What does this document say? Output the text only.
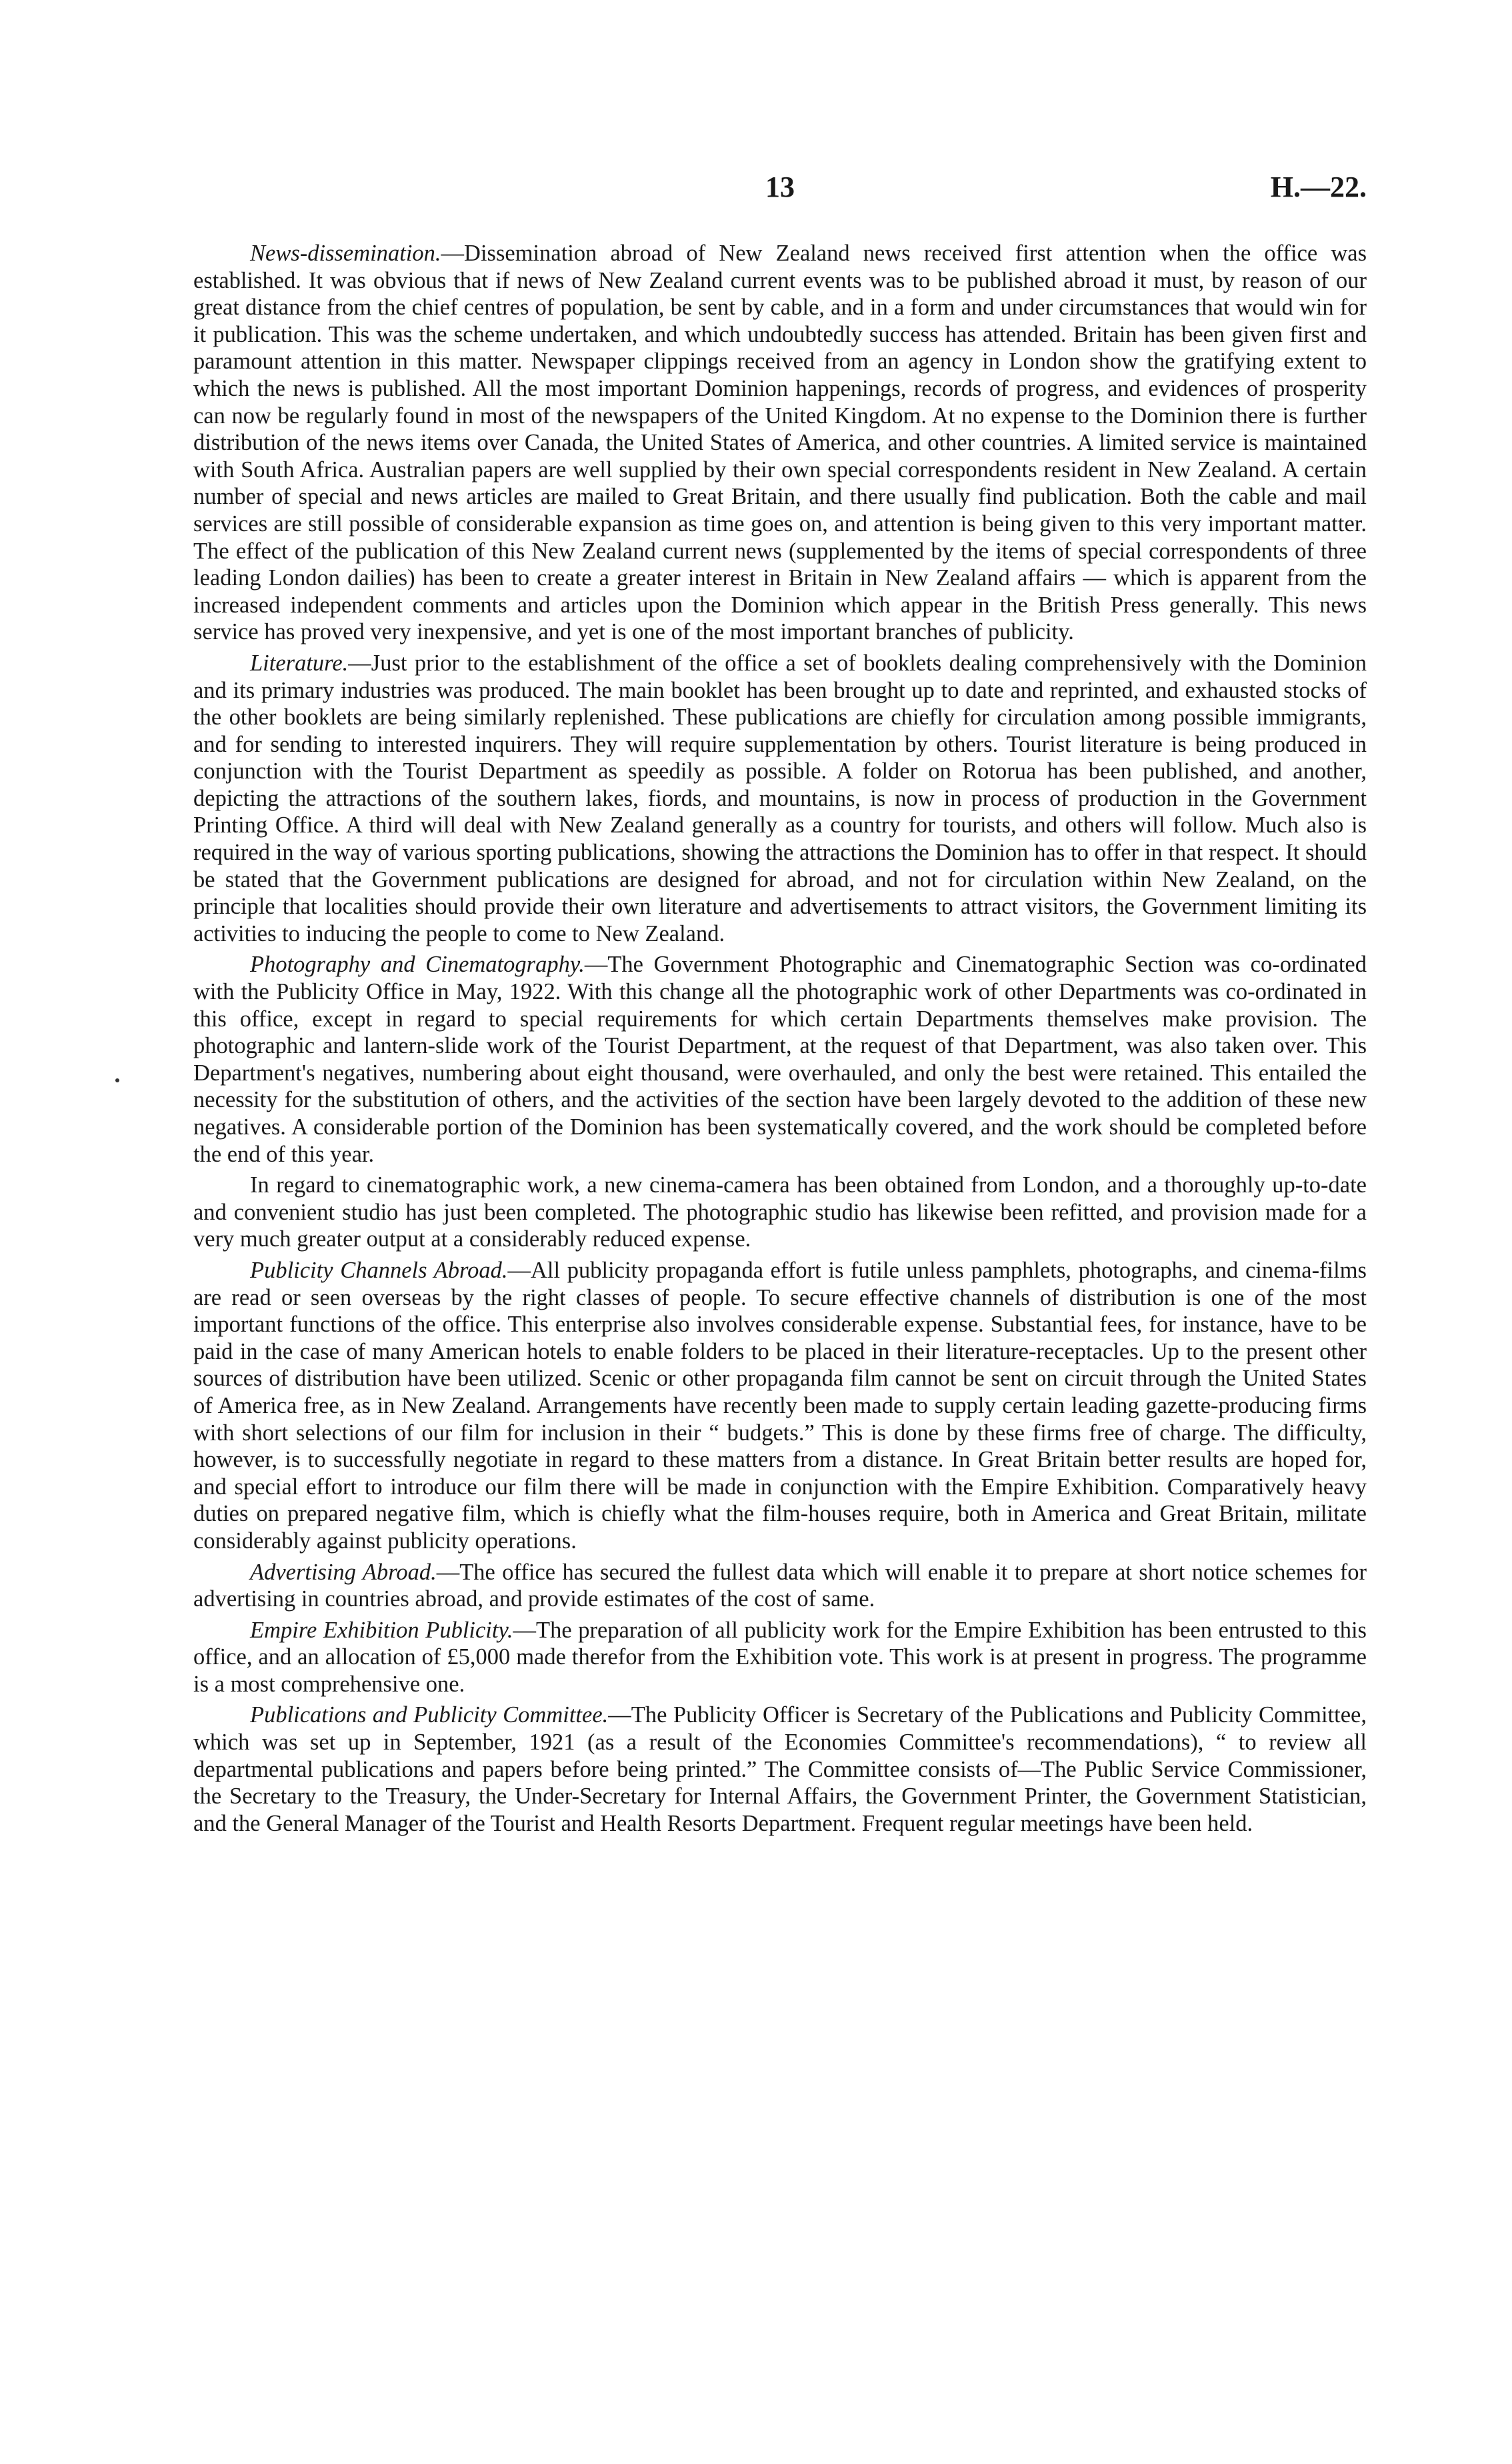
13	H.—22.

News-dissemination.—Dissemination abroad of New Zealand news received first attention when the office was established. It was obvious that if news of New Zealand current events was to be published abroad it must, by reason of our great distance from the chief centres of population, be sent by cable, and in a form and under circumstances that would win for it publication. This was the scheme undertaken, and which undoubtedly success has attended. Britain has been given first and paramount attention in this matter. Newspaper clippings received from an agency in London show the gratifying extent to which the news is published. All the most important Dominion happenings, records of progress, and evidences of prosperity can now be regularly found in most of the newspapers of the United Kingdom. At no expense to the Dominion there is further distribution of the news items over Canada, the United States of America, and other countries. A limited service is maintained with South Africa. Australian papers are well supplied by their own special correspondents resident in New Zealand. A certain number of special and news articles are mailed to Great Britain, and there usually find publication. Both the cable and mail services are still possible of considerable expansion as time goes on, and attention is being given to this very important matter. The effect of the publication of this New Zealand current news (supplemented by the items of special correspondents of three leading London dailies) has been to create a greater interest in Britain in New Zealand affairs — which is apparent from the increased independent comments and articles upon the Dominion which appear in the British Press generally. This news service has proved very inexpensive, and yet is one of the most important branches of publicity.

Literature.—Just prior to the establishment of the office a set of booklets dealing comprehensively with the Dominion and its primary industries was produced. The main booklet has been brought up to date and reprinted, and exhausted stocks of the other booklets are being similarly replenished. These publications are chiefly for circulation among possible immigrants, and for sending to interested inquirers. They will require supplementation by others. Tourist literature is being produced in conjunction with the Tourist Department as speedily as possible. A folder on Rotorua has been published, and another, depicting the attractions of the southern lakes, fiords, and mountains, is now in process of production in the Government Printing Office. A third will deal with New Zealand generally as a country for tourists, and others will follow. Much also is required in the way of various sporting publications, showing the attractions the Dominion has to offer in that respect. It should be stated that the Government publications are designed for abroad, and not for circulation within New Zealand, on the principle that localities should provide their own literature and advertisements to attract visitors, the Government limiting its activities to inducing the people to come to New Zealand.

Photography and Cinematography.—The Government Photographic and Cinematographic Section was co-ordinated with the Publicity Office in May, 1922. With this change all the photographic work of other Departments was co-ordinated in this office, except in regard to special requirements for which certain Departments themselves make provision. The photographic and lantern-slide work of the Tourist Department, at the request of that Department, was also taken over. This Department's negatives, numbering about eight thousand, were overhauled, and only the best were retained. This entailed the necessity for the substitution of others, and the activities of the section have been largely devoted to the addition of these new negatives. A considerable portion of the Dominion has been systematically covered, and the work should be completed before the end of this year.

In regard to cinematographic work, a new cinema-camera has been obtained from London, and a thoroughly up-to-date and convenient studio has just been completed. The photographic studio has likewise been refitted, and provision made for a very much greater output at a considerably reduced expense.

Publicity Channels Abroad.—All publicity propaganda effort is futile unless pamphlets, photographs, and cinema-films are read or seen overseas by the right classes of people. To secure effective channels of distribution is one of the most important functions of the office. This enterprise also involves considerable expense. Substantial fees, for instance, have to be paid in the case of many American hotels to enable folders to be placed in their literature-receptacles. Up to the present other sources of distribution have been utilized. Scenic or other propaganda film cannot be sent on circuit through the United States of America free, as in New Zealand. Arrangements have recently been made to supply certain leading gazette-producing firms with short selections of our film for inclusion in their “ budgets.” This is done by these firms free of charge. The difficulty, however, is to successfully negotiate in regard to these matters from a distance. In Great Britain better results are hoped for, and special effort to introduce our film there will be made in conjunction with the Empire Exhibition. Comparatively heavy duties on prepared negative film, which is chiefly what the film-houses require, both in America and Great Britain, militate considerably against publicity operations.

Advertising Abroad.—The office has secured the fullest data which will enable it to prepare at short notice schemes for advertising in countries abroad, and provide estimates of the cost of same.

Empire Exhibition Publicity.—The preparation of all publicity work for the Empire Exhibition has been entrusted to this office, and an allocation of £5,000 made therefor from the Exhibition vote. This work is at present in progress. The programme is a most comprehensive one.

Publications and Publicity Committee.—The Publicity Officer is Secretary of the Publications and Publicity Committee, which was set up in September, 1921 (as a result of the Economies Committee's recommendations), “ to review all departmental publications and papers before being printed.” The Committee consists of—The Public Service Commissioner, the Secretary to the Treasury, the Under-Secretary for Internal Affairs, the Government Printer, the Government Statistician, and the General Manager of the Tourist and Health Resorts Department. Frequent regular meetings have been held.
